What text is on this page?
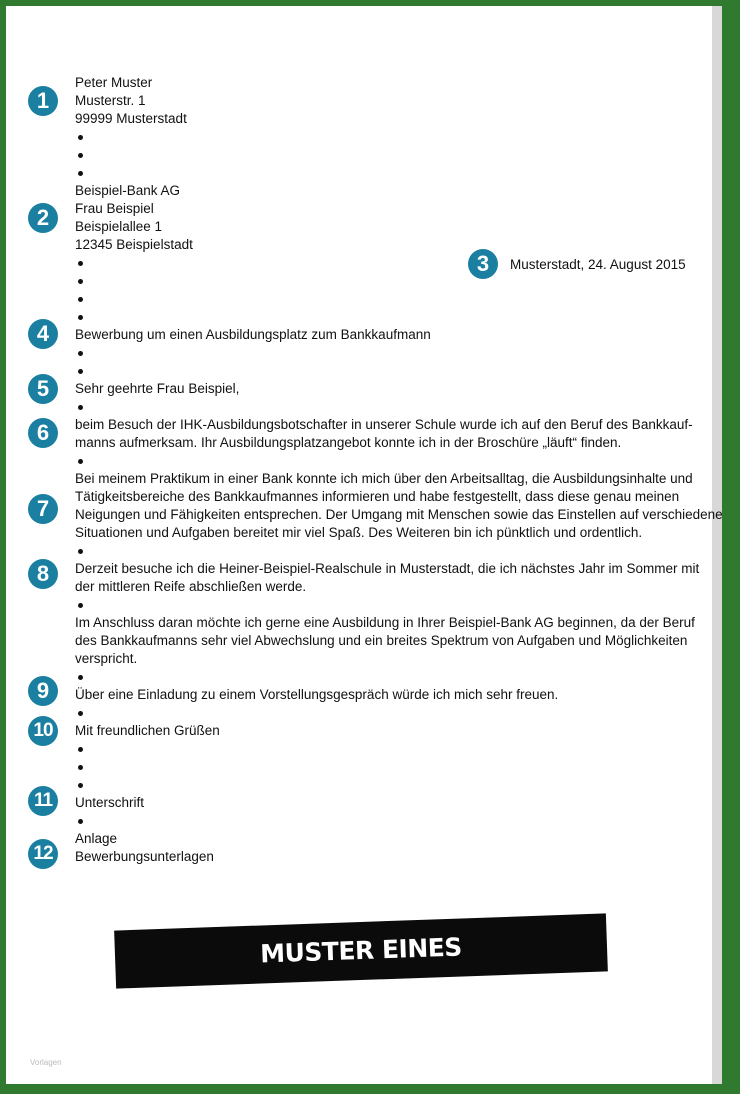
1
2
3
4
5
6
7
8
9
10
11
12
Musterstadt, 24. August 2015
Peter Muster
Musterstr. 1
99999 Musterstadt
Beispiel-Bank AG
Frau Beispiel
Beispielallee 1
12345 Beispielstadt
Bewerbung um einen Ausbildungsplatz zum Bankkaufmann
Sehr geehrte Frau Beispiel,
beim Besuch der IHK-Ausbildungsbotschafter in unserer Schule wurde ich auf den Beruf des Bankkauf-
manns aufmerksam. Ihr Ausbildungsplatzangebot konnte ich in der Broschüre „läuft“ finden.
Bei meinem Praktikum in einer Bank konnte ich mich über den Arbeitsalltag, die Ausbildungsinhalte und
Tätigkeitsbereiche des Bankkaufmannes informieren und habe festgestellt, dass diese genau meinen
Neigungen und Fähigkeiten entsprechen. Der Umgang mit Menschen sowie das Einstellen auf verschiedene
Situationen und Aufgaben bereitet mir viel Spaß. Des Weiteren bin ich pünktlich und ordentlich.
Derzeit besuche ich die Heiner-Beispiel-Realschule in Musterstadt, die ich nächstes Jahr im Sommer mit
der mittleren Reife abschließen werde.
Im Anschluss daran möchte ich gerne eine Ausbildung in Ihrer Beispiel-Bank AG beginnen, da der Beruf
des Bankkaufmanns sehr viel Abwechslung und ein breites Spektrum von Aufgaben und Möglichkeiten
verspricht.
Über eine Einladung zu einem Vorstellungsgespräch würde ich mich sehr freuen.
Mit freundlichen Grüßen
Unterschrift
Anlage
Bewerbungsunterlagen
MUSTER EINES BEWERBUNGSANSCHREIBENS
Vorlagen
